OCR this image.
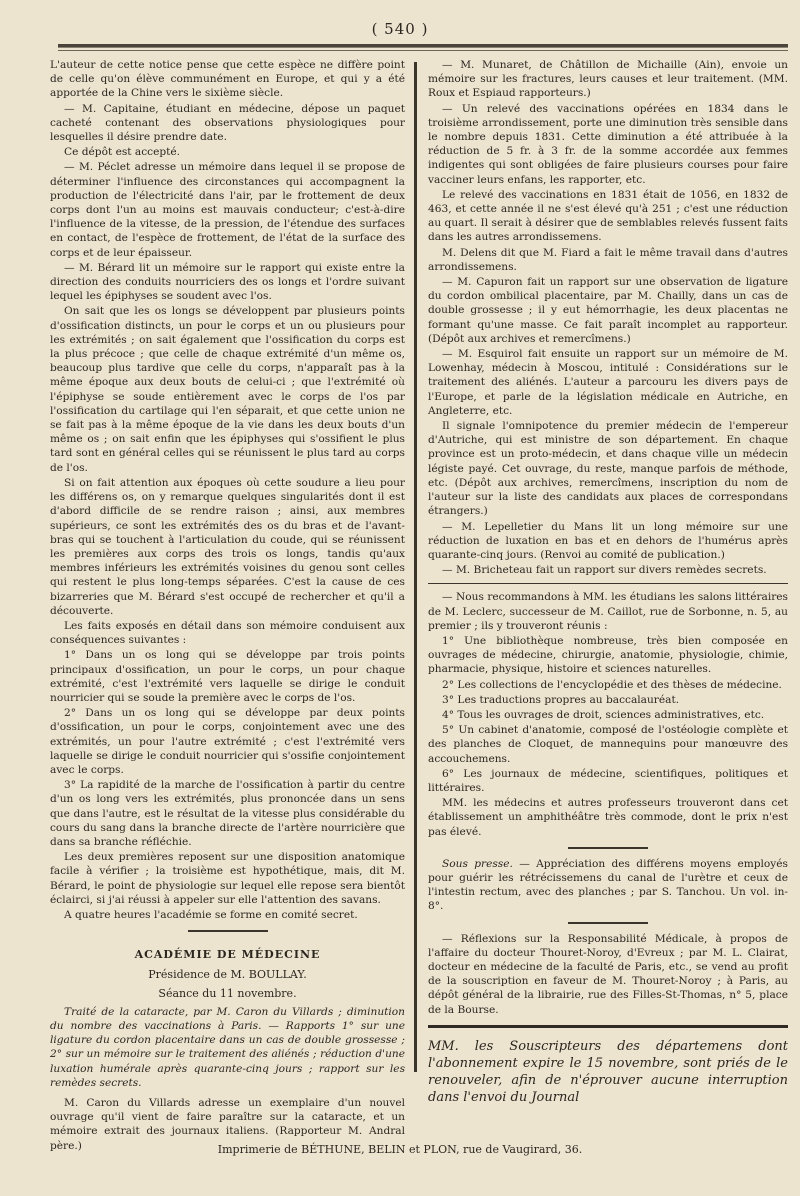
( 540 )

L'auteur de cette notice pense que cette espèce ne diffère point de celle qu'on élève communément en Europe, et qui y a été apportée de la Chine vers le sixième siècle.

— M. Capitaine, étudiant en médecine, dépose un paquet cacheté contenant des observations physiologiques pour lesquelles il désire prendre date.

Ce dépôt est accepté.

— M. Péclet adresse un mémoire dans lequel il se propose de déterminer l'influence des circonstances qui accompagnent la production de l'électricité dans l'air, par le frottement de deux corps dont l'un au moins est mauvais conducteur; c'est-à-dire l'influence de la vitesse, de la pression, de l'étendue des surfaces en contact, de l'espèce de frottement, de l'état de la surface des corps et de leur épaisseur.

— M. Bérard lit un mémoire sur le rapport qui existe entre la direction des conduits nourriciers des os longs et l'ordre suivant lequel les épiphyses se soudent avec l'os.

On sait que les os longs se développent par plusieurs points d'ossification distincts, un pour le corps et un ou plusieurs pour les extrémités ; on sait également que l'ossification du corps est la plus précoce ; que celle de chaque extrémité d'un même os, beaucoup plus tardive que celle du corps, n'apparaît pas à la même époque aux deux bouts de celui-ci ; que l'extrémité où l'épiphyse se soude entièrement avec le corps de l'os par l'ossification du cartilage qui l'en séparait, et que cette union ne se fait pas à la même époque de la vie dans les deux bouts d'un même os ; on sait enfin que les épiphyses qui s'ossifient le plus tard sont en général celles qui se réunissent le plus tard au corps de l'os.

Si on fait attention aux époques où cette soudure a lieu pour les différens os, on y remarque quelques singularités dont il est d'abord difficile de se rendre raison ; ainsi, aux membres supérieurs, ce sont les extrémités des os du bras et de l'avant-bras qui se touchent à l'articulation du coude, qui se réunissent les premières aux corps des trois os longs, tandis qu'aux membres inférieurs les extrémités voisines du genou sont celles qui restent le plus long-temps séparées. C'est la cause de ces bizarreries que M. Bérard s'est occupé de rechercher et qu'il a découverte.

Les faits exposés en détail dans son mémoire conduisent aux conséquences suivantes :

1° Dans un os long qui se développe par trois points principaux d'ossification, un pour le corps, un pour chaque extrémité, c'est l'extrémité vers laquelle se dirige le conduit nourricier qui se soude la première avec le corps de l'os.

2° Dans un os long qui se développe par deux points d'ossification, un pour le corps, conjointement avec une des extrémités, un pour l'autre extrémité ; c'est l'extrémité vers laquelle se dirige le conduit nourricier qui s'ossifie conjointement avec le corps.

3° La rapidité de la marche de l'ossification à partir du centre d'un os long vers les extrémités, plus prononcée dans un sens que dans l'autre, est le résultat de la vitesse plus considérable du cours du sang dans la branche directe de l'artère nourricière que dans sa branche réfléchie.

Les deux premières reposent sur une disposition anatomique facile à vérifier ; la troisième est hypothétique, mais, dit M. Bérard, le point de physiologie sur lequel elle repose sera bientôt éclairci, si j'ai réussi à appeler sur elle l'attention des savans.

A quatre heures l'académie se forme en comité secret.

ACADÉMIE DE MÉDECINE
Présidence de M. BOULLAY.
Séance du 11 novembre.

Traité de la cataracte, par M. Caron du Villards ; diminution du nombre des vaccinations à Paris. — Rapports 1° sur une ligature du cordon placentaire dans un cas de double grossesse ; 2° sur un mémoire sur le traitement des aliénés ; réduction d'une luxation humérale après quarante-cinq jours ; rapport sur les remèdes secrets.

M. Caron du Villards adresse un exemplaire d'un nouvel ouvrage qu'il vient de faire paraître sur la cataracte, et un mémoire extrait des journaux italiens. (Rapporteur M. Andral père.)

— M. Munaret, de Châtillon de Michaille (Ain), envoie un mémoire sur les fractures, leurs causes et leur traitement. (MM. Roux et Espiaud rapporteurs.)

— Un relevé des vaccinations opérées en 1834 dans le troisième arrondissement, porte une diminution très sensible dans le nombre depuis 1831. Cette diminution a été attribuée à la réduction de 5 fr. à 3 fr. de la somme accordée aux femmes indigentes qui sont obligées de faire plusieurs courses pour faire vacciner leurs enfans, les rapporter, etc.

Le relevé des vaccinations en 1831 était de 1056, en 1832 de 463, et cette année il ne s'est élevé qu'à 251 ; c'est une réduction au quart. Il serait à désirer que de semblables relevés fussent faits dans les autres arrondissemens.

M. Delens dit que M. Fiard a fait le même travail dans d'autres arrondissemens.

— M. Capuron fait un rapport sur une observation de ligature du cordon ombilical placentaire, par M. Chailly, dans un cas de double grossesse ; il y eut hémorrhagie, les deux placentas ne formant qu'une masse. Ce fait paraît incomplet au rapporteur. (Dépôt aux archives et remercîmens.)

— M. Esquirol fait ensuite un rapport sur un mémoire de M. Lowenhay, médecin à Moscou, intitulé : Considérations sur le traitement des aliénés. L'auteur a parcouru les divers pays de l'Europe, et parle de la législation médicale en Autriche, en Angleterre, etc.

Il signale l'omnipotence du premier médecin de l'empereur d'Autriche, qui est ministre de son département. En chaque province est un proto-médecin, et dans chaque ville un médecin légiste payé. Cet ouvrage, du reste, manque parfois de méthode, etc. (Dépôt aux archives, remercîmens, inscription du nom de l'auteur sur la liste des candidats aux places de correspondans étrangers.)

— M. Lepelletier du Mans lit un long mémoire sur une réduction de luxation en bas et en dehors de l'humérus après quarante-cinq jours. (Renvoi au comité de publication.)

— M. Bricheteau fait un rapport sur divers remèdes secrets.

— Nous recommandons à MM. les étudians les salons littéraires de M. Leclerc, successeur de M. Caillot, rue de Sorbonne, n. 5, au premier ; ils y trouveront réunis :

1° Une bibliothèque nombreuse, très bien composée en ouvrages de médecine, chirurgie, anatomie, physiologie, chimie, pharmacie, physique, histoire et sciences naturelles.

2° Les collections de l'encyclopédie et des thèses de médecine.

3° Les traductions propres au baccalauréat.

4° Tous les ouvrages de droit, sciences administratives, etc.

5° Un cabinet d'anatomie, composé de l'ostéologie complète et des planches de Cloquet, de mannequins pour manœuvre des accouchemens.

6° Les journaux de médecine, scientifiques, politiques et littéraires.

MM. les médecins et autres professeurs trouveront dans cet établissement un amphithéâtre très commode, dont le prix n'est pas élevé.

Sous presse. — Appréciation des différens moyens employés pour guérir les rétrécissemens du canal de l'urètre et ceux de l'intestin rectum, avec des planches ; par S. Tanchou. Un vol. in-8°.

— Réflexions sur la Responsabilité Médicale, à propos de l'affaire du docteur Thouret-Noroy, d'Evreux ; par M. L. Clairat, docteur en médecine de la faculté de Paris, etc., se vend au profit de la souscription en faveur de M. Thouret-Noroy ; à Paris, au dépôt général de la librairie, rue des Filles-St-Thomas, n° 5, place de la Bourse.

MM. les Souscripteurs des départemens dont l'abonnement expire le 15 novembre, sont priés de le renouveler, afin de n'éprouver aucune interruption dans l'envoi du Journal
Imprimerie de BÉTHUNE, BELIN et PLON, rue de Vaugirard, 36.
